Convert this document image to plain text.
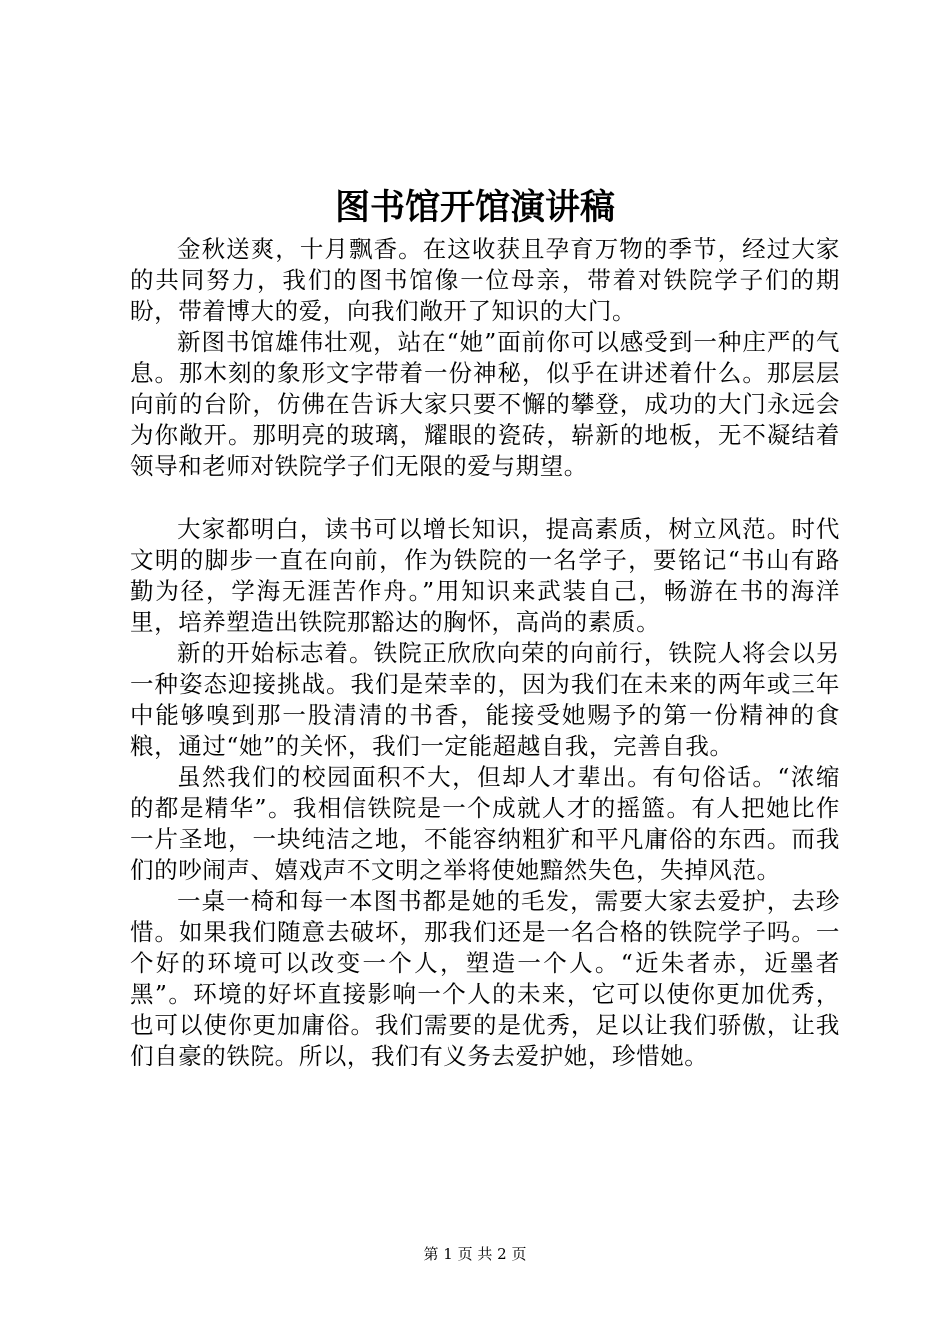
图书馆开馆演讲稿

金秋送爽，十月飘香。在这收获且孕育万物的季节，经过大家的共同努力，我们的图书馆像一位母亲，带着对铁院学子们的期盼，带着博大的爱，向我们敞开了知识的大门。

新图书馆雄伟壮观，站在“她”面前你可以感受到一种庄严的气息。那木刻的象形文字带着一份神秘，似乎在讲述着什么。那层层向前的台阶，仿佛在告诉大家只要不懈的攀登，成功的大门永远会为你敞开。那明亮的玻璃，耀眼的瓷砖，崭新的地板，无不凝结着领导和老师对铁院学子们无限的爱与期望。

大家都明白，读书可以增长知识，提高素质，树立风范。时代文明的脚步一直在向前，作为铁院的一名学子，要铭记“书山有路勤为径，学海无涯苦作舟。”用知识来武装自己，畅游在书的海洋里，培养塑造出铁院那豁达的胸怀，高尚的素质。

新的开始标志着。铁院正欣欣向荣的向前行，铁院人将会以另一种姿态迎接挑战。我们是荣幸的，因为我们在未来的两年或三年中能够嗅到那一股清清的书香，能接受她赐予的第一份精神的食粮，通过“她”的关怀，我们一定能超越自我，完善自我。

虽然我们的校园面积不大，但却人才辈出。有句俗话。“浓缩的都是精华”。我相信铁院是一个成就人才的摇篮。有人把她比作一片圣地，一块纯洁之地，不能容纳粗犷和平凡庸俗的东西。而我们的吵闹声、嬉戏声不文明之举将使她黯然失色，失掉风范。

一桌一椅和每一本图书都是她的毛发，需要大家去爱护，去珍惜。如果我们随意去破坏，那我们还是一名合格的铁院学子吗。一个好的环境可以改变一个人，塑造一个人。“近朱者赤，近墨者黑”。环境的好坏直接影响一个人的未来，它可以使你更加优秀，也可以使你更加庸俗。我们需要的是优秀，足以让我们骄傲，让我们自豪的铁院。所以，我们有义务去爱护她，珍惜她。

第 1 页 共 2 页
